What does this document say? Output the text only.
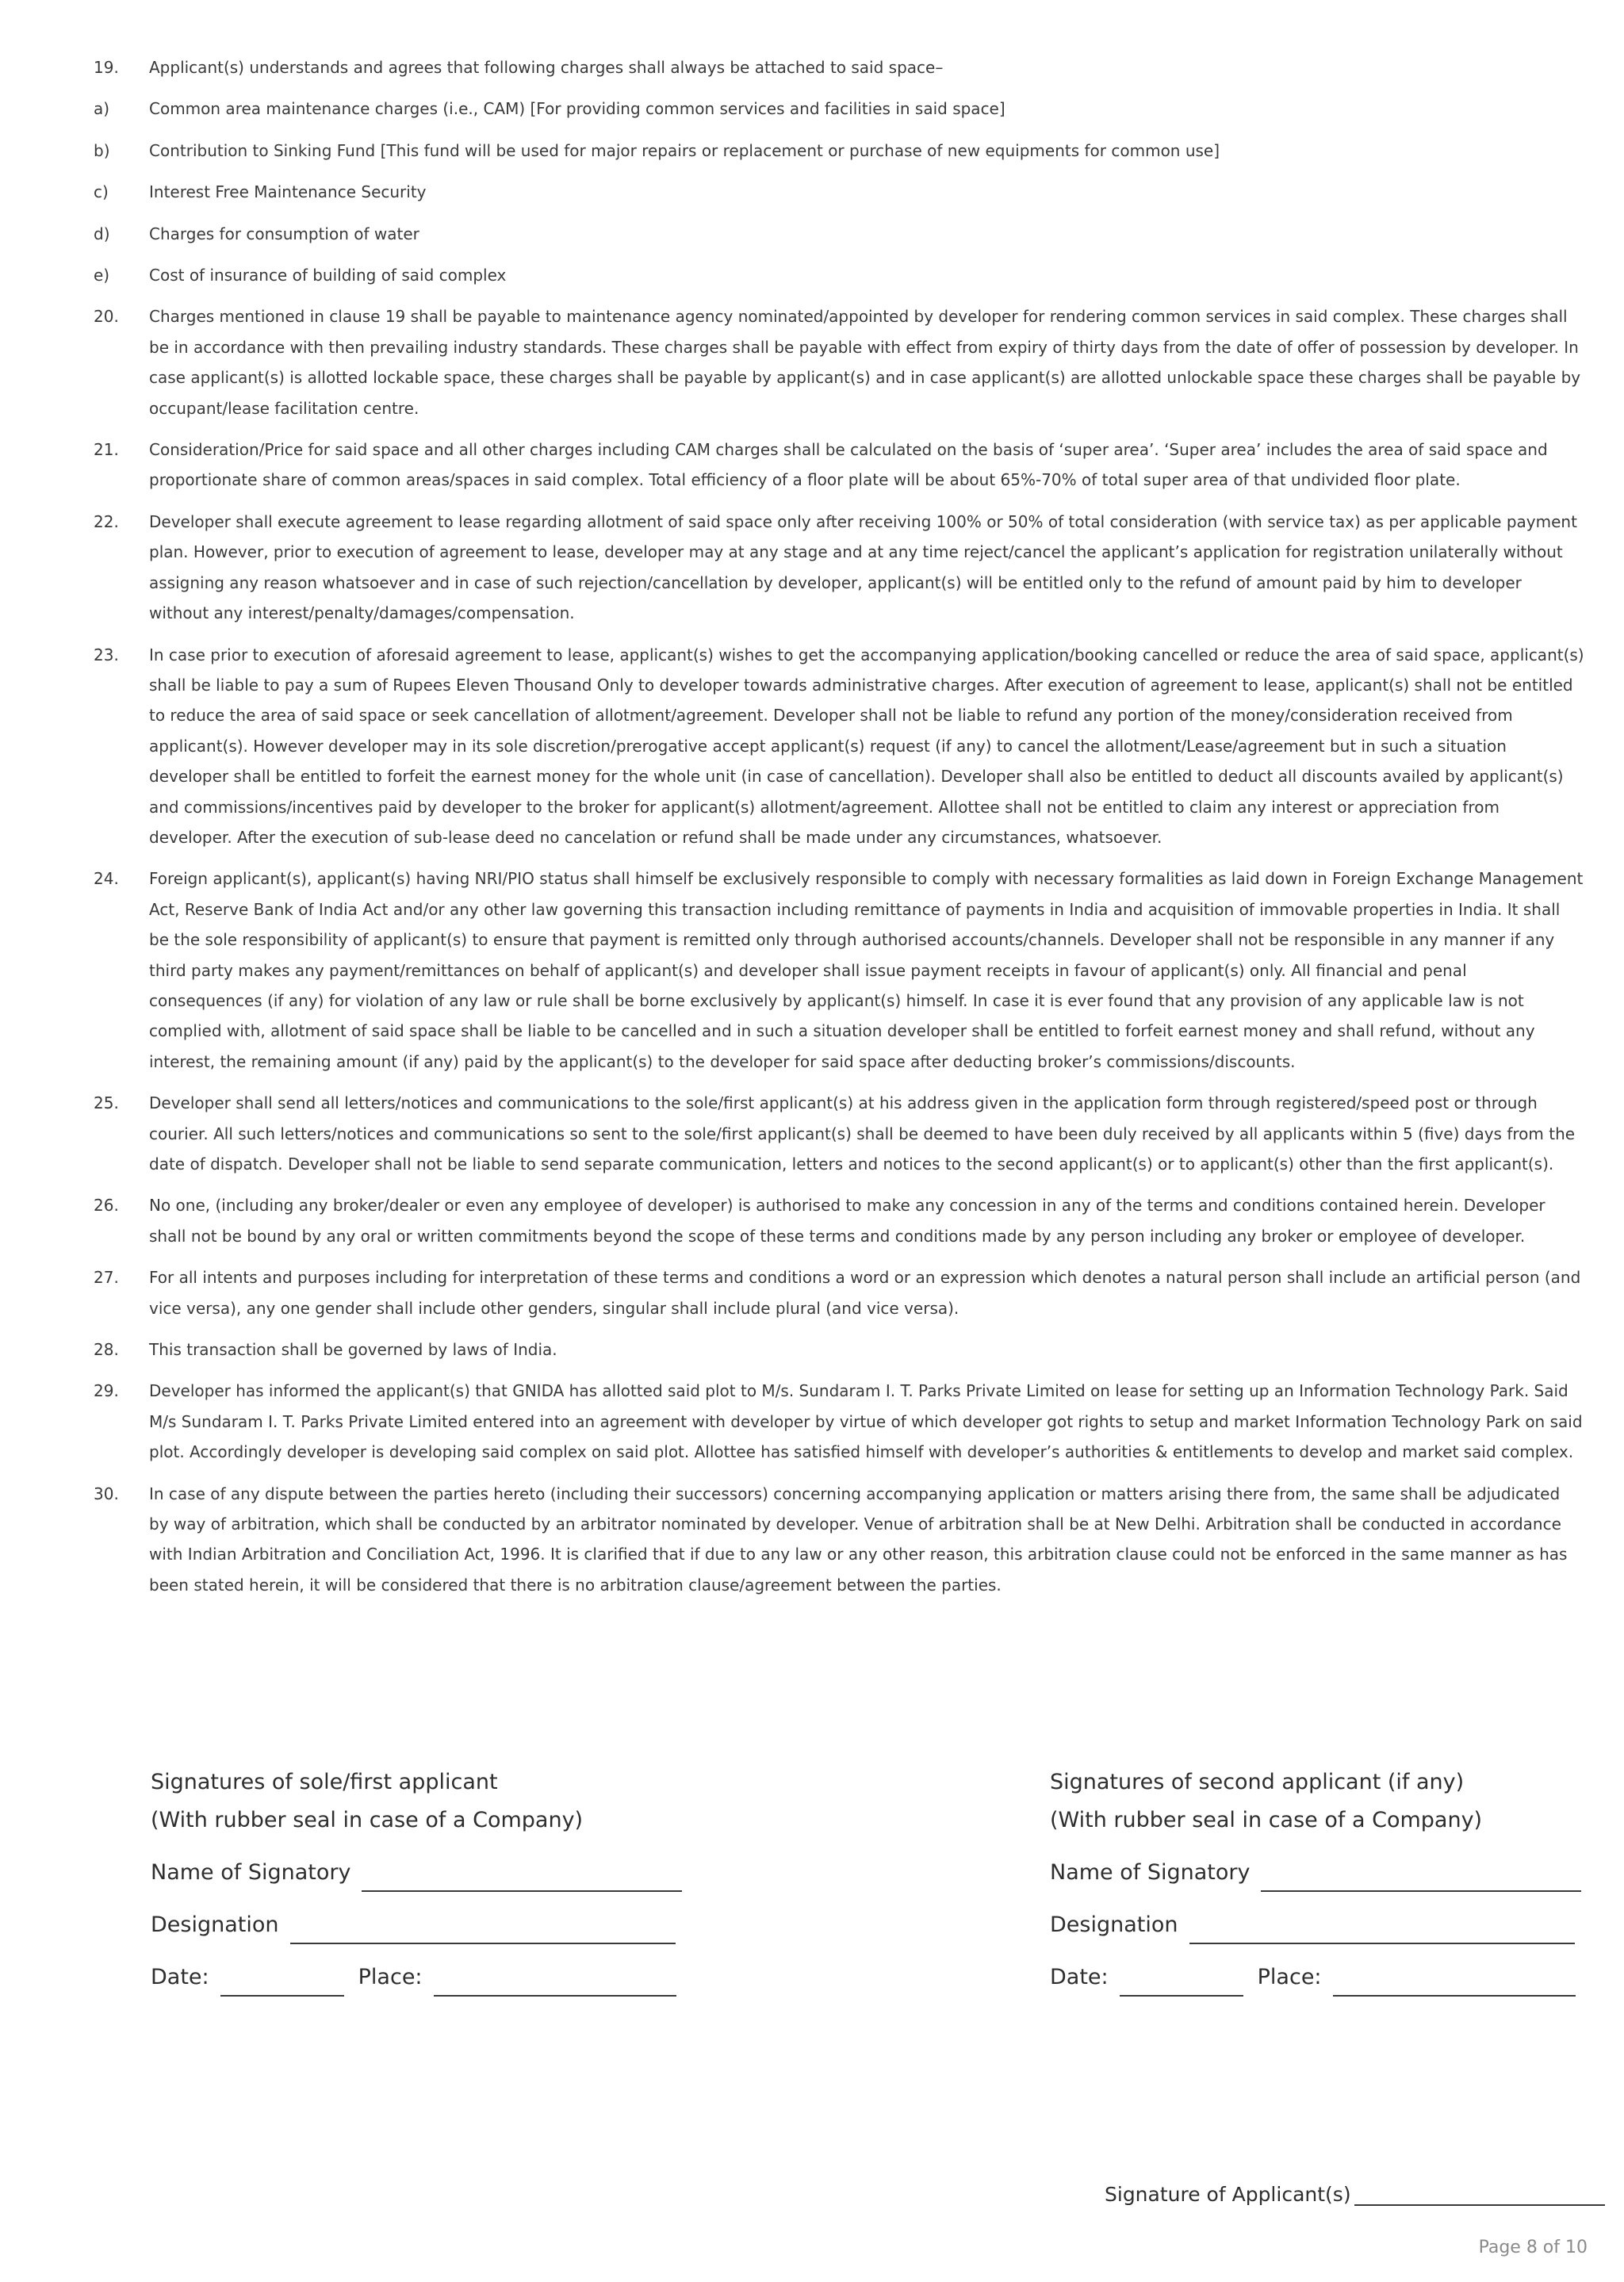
19.	Applicant(s) understands and agrees that following charges shall always be attached to said space–
a)	Common area maintenance charges (i.e., CAM) [For providing common services and facilities in said space]
b)	Contribution to Sinking Fund [This fund will be used for major repairs or replacement or purchase of new equipments for common use]
c)	Interest Free Maintenance Security
d)	Charges for consumption of water
e)	Cost of insurance of building of said complex
20.	Charges mentioned in clause 19 shall be payable to maintenance agency nominated/appointed by developer for rendering common services in said complex. These charges shall be in accordance with then prevailing industry standards. These charges shall be payable with effect from expiry of thirty days from the date of offer of possession by developer. In case applicant(s) is allotted lockable space, these charges shall be payable by applicant(s) and in case applicant(s) are allotted unlockable space these charges shall be payable by occupant/lease facilitation centre.
21.	Consideration/Price for said space and all other charges including CAM charges shall be calculated on the basis of ‘super area’. ‘Super area’ includes the area of said space and proportionate share of common areas/spaces in said complex. Total efficiency of a floor plate will be about 65%-70% of total super area of that undivided floor plate.
22.	Developer shall execute agreement to lease regarding allotment of said space only after receiving 100% or 50% of total consideration (with service tax) as per applicable payment plan. However, prior to execution of agreement to lease, developer may at any stage and at any time reject/cancel the applicant’s application for registration unilaterally without assigning any reason whatsoever and in case of such rejection/cancellation by developer, applicant(s) will be entitled only to the refund of amount paid by him to developer without any interest/penalty/damages/compensation.
23.	In case prior to execution of aforesaid agreement to lease, applicant(s) wishes to get the accompanying application/booking cancelled or reduce the area of said space, applicant(s) shall be liable to pay a sum of Rupees Eleven Thousand Only to developer towards administrative charges. After execution of agreement to lease, applicant(s) shall not be entitled to reduce the area of said space or seek cancellation of allotment/agreement. Developer shall not be liable to refund any portion of the money/consideration received from applicant(s). However developer may in its sole discretion/prerogative accept applicant(s) request (if any) to cancel the allotment/Lease/agreement but in such a situation developer shall be entitled to forfeit the earnest money for the whole unit (in case of cancellation). Developer shall also be entitled to deduct all discounts availed by applicant(s) and commissions/incentives paid by developer to the broker for applicant(s) allotment/agreement. Allottee shall not be entitled to claim any interest or appreciation from developer. After the execution of sub-lease deed no cancelation or refund shall be made under any circumstances, whatsoever.
24.	Foreign applicant(s), applicant(s) having NRI/PIO status shall himself be exclusively responsible to comply with necessary formalities as laid down in Foreign Exchange Management Act, Reserve Bank of India Act and/or any other law governing this transaction including remittance of payments in India and acquisition of immovable properties in India. It shall be the sole responsibility of applicant(s) to ensure that payment is remitted only through authorised accounts/channels. Developer shall not be responsible in any manner if any third party makes any payment/remittances on behalf of applicant(s) and developer shall issue payment receipts in favour of applicant(s) only. All financial and penal consequences (if any) for violation of any law or rule shall be borne exclusively by applicant(s) himself. In case it is ever found that any provision of any applicable law is not complied with, allotment of said space shall be liable to be cancelled and in such a situation developer shall be entitled to forfeit earnest money and shall refund, without any interest, the remaining amount (if any) paid by the applicant(s) to the developer for said space after deducting broker’s commissions/discounts.
25.	Developer shall send all letters/notices and communications to the sole/first applicant(s) at his address given in the application form through registered/speed post or through courier. All such letters/notices and communications so sent to the sole/first applicant(s) shall be deemed to have been duly received by all applicants within 5 (five) days from the date of dispatch. Developer shall not be liable to send separate communication, letters and notices to the second applicant(s) or to applicant(s) other than the first applicant(s).
26.	No one, (including any broker/dealer or even any employee of developer) is authorised to make any concession in any of the terms and conditions contained herein. Developer shall not be bound by any oral or written commitments beyond the scope of these terms and conditions made by any person including any broker or employee of developer.
27.	For all intents and purposes including for interpretation of these terms and conditions a word or an expression which denotes a natural person shall include an artificial person (and vice versa), any one gender shall include other genders, singular shall include plural (and vice versa).
28.	This transaction shall be governed by laws of India.
29.	Developer has informed the applicant(s) that GNIDA has allotted said plot to M/s. Sundaram I. T. Parks Private Limited on lease for setting up an Information Technology Park. Said M/s Sundaram I. T. Parks Private Limited entered into an agreement with developer by virtue of which developer got rights to setup and market Information Technology Park on said plot. Accordingly developer is developing said complex on said plot. Allottee has satisfied himself with developer’s authorities & entitlements to develop and market said complex.
30.	In case of any dispute between the parties hereto (including their successors) concerning accompanying application or matters arising there from, the same shall be adjudicated by way of arbitration, which shall be conducted by an arbitrator nominated by developer. Venue of arbitration shall be at New Delhi. Arbitration shall be conducted in accordance with Indian Arbitration and Conciliation Act, 1996. It is clarified that if due to any law or any other reason, this arbitration clause could not be enforced in the same manner as has been stated herein, it will be considered that there is no arbitration clause/agreement between the parties.
Signatures of sole/first applicant
(With rubber seal in case of a Company)
Name of Signatory
Designation
Date:	Place:
Signatures of second applicant (if any)
(With rubber seal in case of a Company)
Name of Signatory
Designation
Date:	Place:
Signature of Applicant(s)
Page 8 of 10
